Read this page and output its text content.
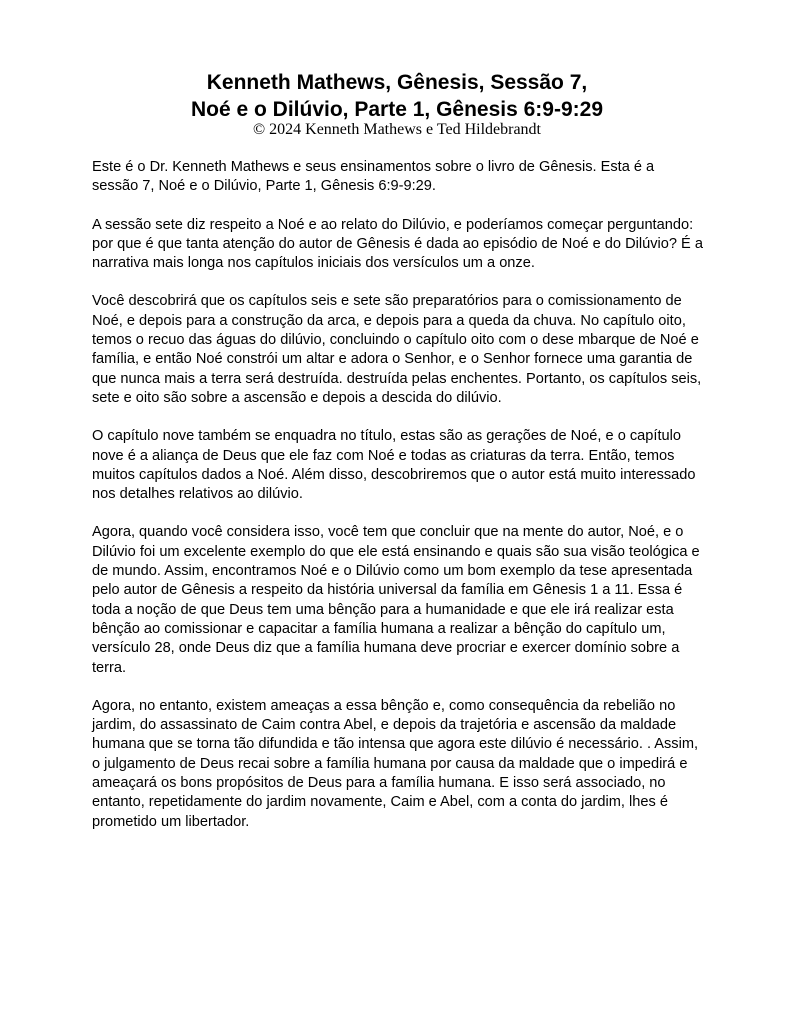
Kenneth Mathews, Gênesis, Sessão 7,
Noé e o Dilúvio, Parte 1, Gênesis 6:9-9:29
© 2024 Kenneth Mathews e Ted Hildebrandt

Este é o Dr. Kenneth Mathews e seus ensinamentos sobre o livro de Gênesis. Esta é a sessão 7, Noé e o Dilúvio, Parte 1, Gênesis 6:9-9:29.

A sessão sete diz respeito a Noé e ao relato do Dilúvio, e poderíamos começar perguntando: por que é que tanta atenção do autor de Gênesis é dada ao episódio de Noé e do Dilúvio? É a narrativa mais longa nos capítulos iniciais dos versículos um a onze.

Você descobrirá que os capítulos seis e sete são preparatórios para o comissionamento de Noé, e depois para a construção da arca, e depois para a queda da chuva. No capítulo oito, temos o recuo das águas do dilúvio, concluindo o capítulo oito com o dese mbarque de Noé e família, e então Noé constrói um altar e adora o Senhor, e o Senhor fornece uma garantia de que nunca mais a terra será destruída. destruída pelas enchentes. Portanto, os capítulos seis, sete e oito são sobre a ascensão e depois a descida do dilúvio.

O capítulo nove também se enquadra no título, estas são as gerações de Noé, e o capítulo nove é a aliança de Deus que ele faz com Noé e todas as criaturas da terra. Então, temos muitos capítulos dados a Noé. Além disso, descobriremos que o autor está muito interessado nos detalhes relativos ao dilúvio.

Agora, quando você considera isso, você tem que concluir que na mente do autor, Noé, e o Dilúvio foi um excelente exemplo do que ele está ensinando e quais são sua visão teológica e de mundo. Assim, encontramos Noé e o Dilúvio como um bom exemplo da tese apresentada pelo autor de Gênesis a respeito da história universal da família em Gênesis 1 a 11. Essa é toda a noção de que Deus tem uma bênção para a humanidade e que ele irá realizar esta bênção ao comissionar e capacitar a família humana a realizar a bênção do capítulo um, versículo 28, onde Deus diz que a família humana deve procriar e exercer domínio sobre a terra.

Agora, no entanto, existem ameaças a essa bênção e, como consequência da rebelião no jardim, do assassinato de Caim contra Abel, e depois da trajetória e ascensão da maldade humana que se torna tão difundida e tão intensa que agora este dilúvio é necessário. . Assim, o julgamento de Deus recai sobre a família humana por causa da maldade que o impedirá e ameaçará os bons propósitos de Deus para a família humana. E isso será associado, no entanto, repetidamente do jardim novamente, Caim e Abel, com a conta do jardim, lhes é prometido um libertador.
